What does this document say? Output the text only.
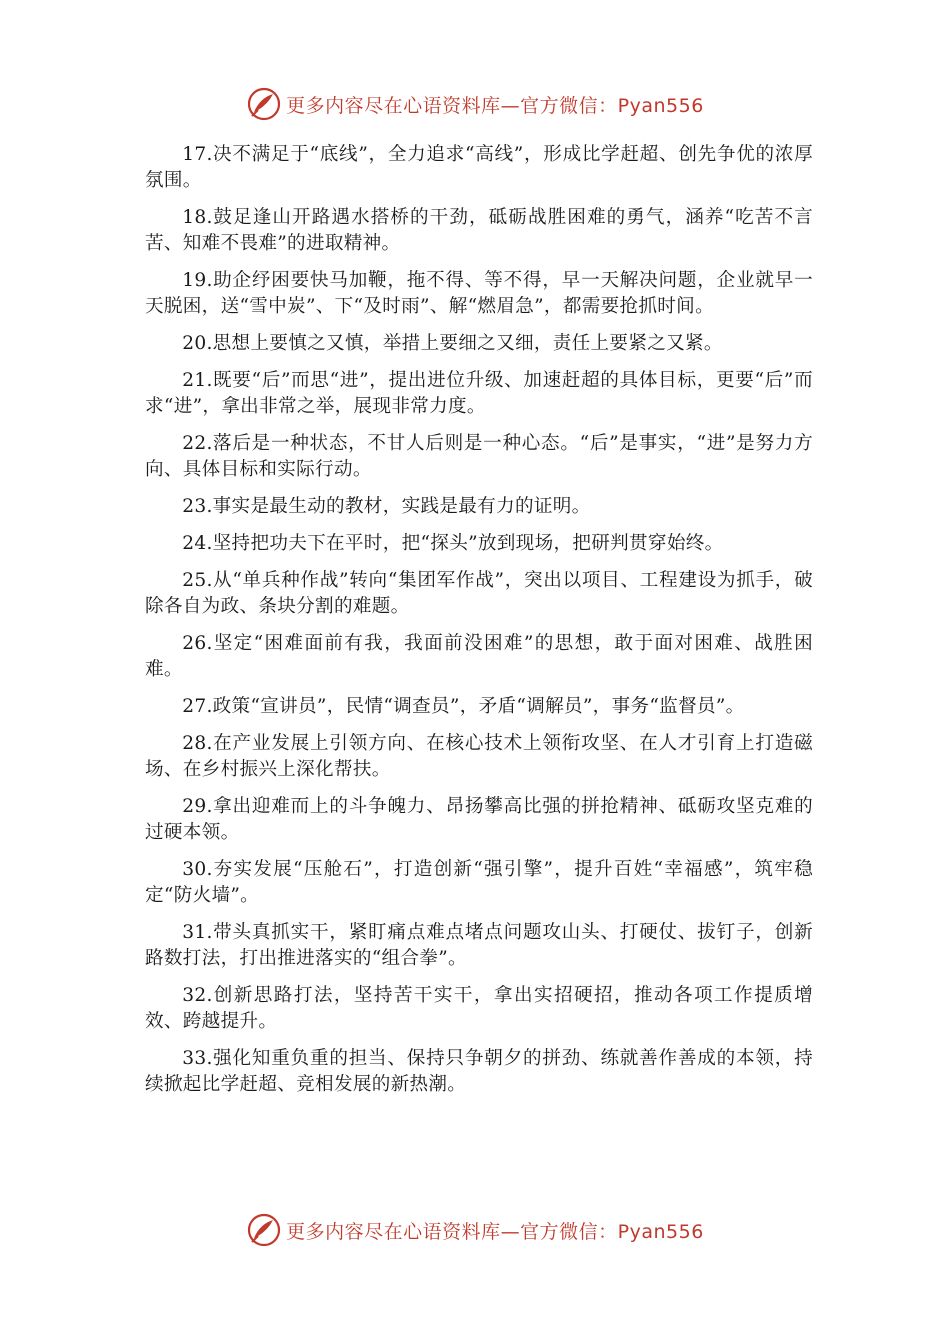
更多内容尽在心语资料库—官方微信：Pyan556

17.决不满足于“底线”，全力追求“高线”，形成比学赶超、创先争优的浓厚氛围。

18.鼓足逢山开路遇水搭桥的干劲，砥砺战胜困难的勇气，涵养“吃苦不言苦、知难不畏难”的进取精神。

19.助企纾困要快马加鞭，拖不得、等不得，早一天解决问题，企业就早一天脱困，送“雪中炭”、下“及时雨”、解“燃眉急”，都需要抢抓时间。

20.思想上要慎之又慎，举措上要细之又细，责任上要紧之又紧。

21.既要“后”而思“进”，提出进位升级、加速赶超的具体目标，更要“后”而求“进”，拿出非常之举，展现非常力度。

22.落后是一种状态，不甘人后则是一种心态。“后”是事实，“进”是努力方向、具体目标和实际行动。

23.事实是最生动的教材，实践是最有力的证明。

24.坚持把功夫下在平时，把“探头”放到现场，把研判贯穿始终。

25.从“单兵种作战”转向“集团军作战”，突出以项目、工程建设为抓手，破除各自为政、条块分割的难题。

26.坚定“困难面前有我，我面前没困难”的思想，敢于面对困难、战胜困难。

27.政策“宣讲员”，民情“调查员”，矛盾“调解员”，事务“监督员”。

28.在产业发展上引领方向、在核心技术上领衔攻坚、在人才引育上打造磁场、在乡村振兴上深化帮扶。

29.拿出迎难而上的斗争魄力、昂扬攀高比强的拼抢精神、砥砺攻坚克难的过硬本领。

30.夯实发展“压舱石”，打造创新“强引擎”，提升百姓“幸福感”，筑牢稳定“防火墙”。

31.带头真抓实干，紧盯痛点难点堵点问题攻山头、打硬仗、拔钉子，创新路数打法，打出推进落实的“组合拳”。

32.创新思路打法，坚持苦干实干，拿出实招硬招，推动各项工作提质增效、跨越提升。

33.强化知重负重的担当、保持只争朝夕的拼劲、练就善作善成的本领，持续掀起比学赶超、竞相发展的新热潮。

更多内容尽在心语资料库—官方微信：Pyan556
